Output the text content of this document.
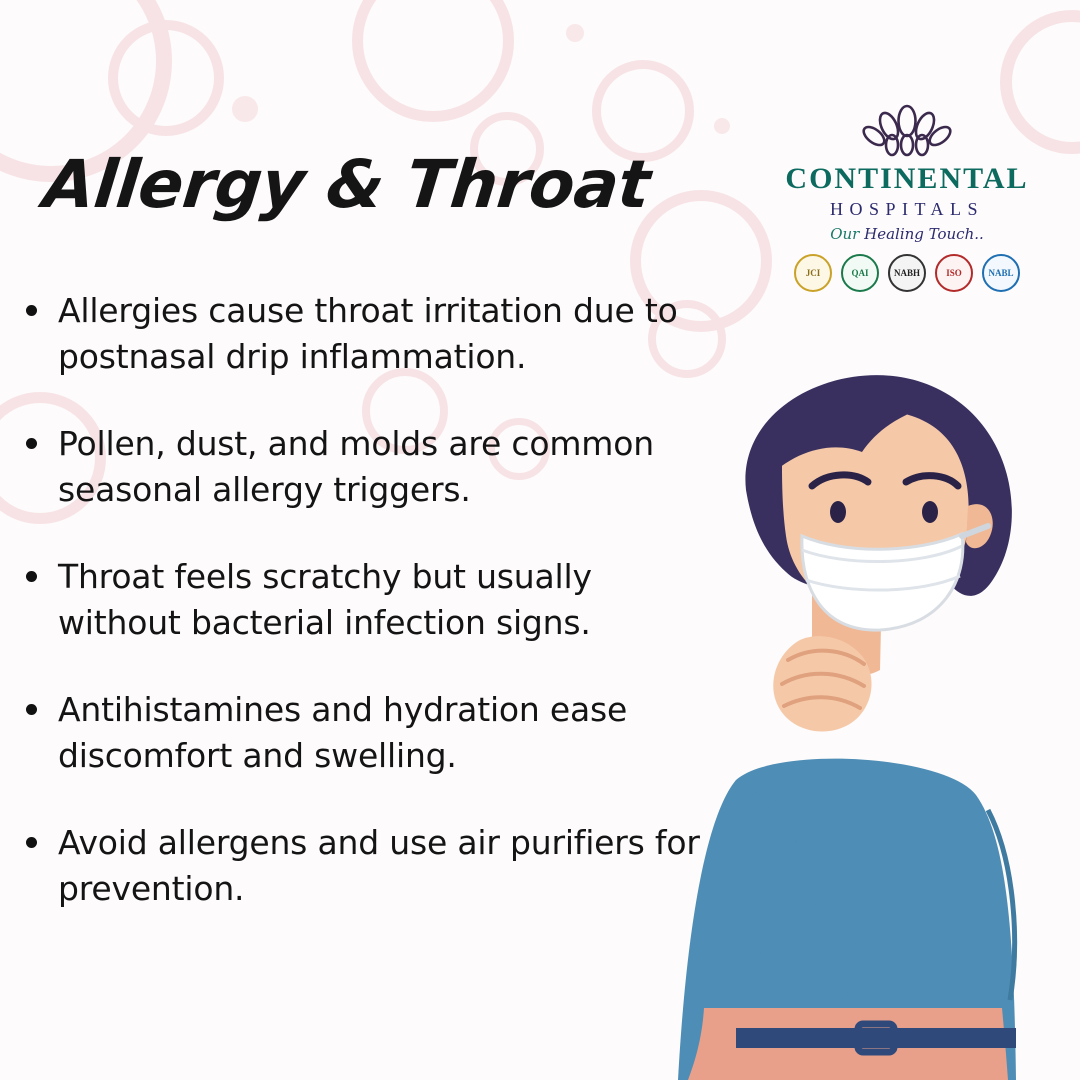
Allergy & Throat
Allergies cause throat irritation due to postnasal drip inflammation.
Pollen, dust, and molds are common seasonal allergy triggers.
Throat feels scratchy but usually without bacterial infection signs.
Antihistamines and hydration ease discomfort and swelling.
Avoid allergens and use air purifiers for prevention.
CONTINENTAL
HOSPITALS
Our Healing Touch..
JCI	QAI	NABH	ISO	NABL
